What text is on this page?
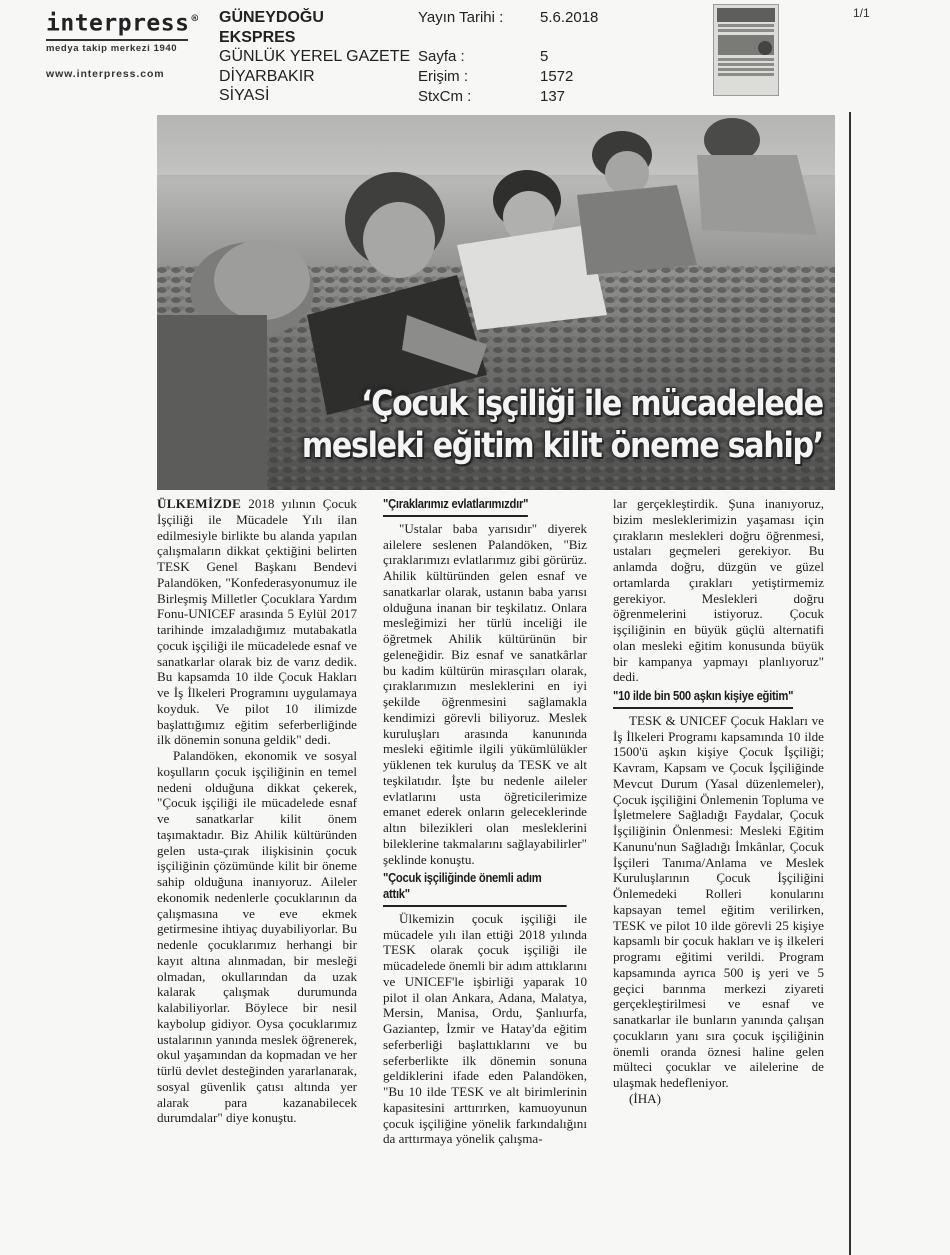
interpress ®
medya takip merkezi 1940
www.interpress.com
GÜNEYDOĞU
EKSPRES
GÜNLÜK YEREL GAZETE
DİYARBAKIR
SİYASİ
Yayın Tarihi :	5.6.2018
Sayfa :	5
Erişim :	1572
StxCm :	137
1/1
‘Çocuk işçiliği ile mücadelede
mesleki eğitim kilit öneme sahip’

ÜLKEMİZDE 2018 yılının Çocuk İşçiliği ile Mücadele Yılı ilan edilmesiyle birlikte bu alanda yapılan çalışmaların dikkat çektiğini belirten TESK Genel Başkanı Bendevi Palandöken, "Konfederasyonumuz ile Birleşmiş Milletler Çocuklara Yardım Fonu-UNICEF arasında 5 Eylül 2017 tarihinde imzaladığımız mutabakatla çocuk işçiliği ile mücadelede esnaf ve sanatkarlar olarak biz de varız dedik. Bu kapsamda 10 ilde Çocuk Hakları ve İş İlkeleri Programını uygulamaya koyduk. Ve pilot 10 ilimizde başlattığımız eğitim seferberliğinde ilk dönemin sonuna geldik" dedi.

Palandöken, ekonomik ve sosyal koşulların çocuk işçiliğinin en temel nedeni olduğuna dikkat çekerek, "Çocuk işçiliği ile mücadelede esnaf ve sanatkarlar kilit önem taşımaktadır. Biz Ahilik kültüründen gelen usta-çırak ilişkisinin çocuk işçiliğinin çözümünde kilit bir öneme sahip olduğuna inanıyoruz. Aileler ekonomik nedenlerle çocuklarının da çalışmasına ve eve ekmek getirmesine ihtiyaç duyabiliyorlar. Bu nedenle çocuklarımız herhangi bir kayıt altına alınmadan, bir mesleği olmadan, okullarından da uzak kalarak çalışmak durumunda kalabiliyorlar. Böylece bir nesil kaybolup gidiyor. Oysa çocuklarımız ustalarının yanında meslek öğrenerek, okul yaşamından da kopmadan ve her türlü devlet desteğinden yararlanarak, sosyal güvenlik çatısı altında yer alarak para kazanabilecek durumdalar" diye konuştu.

"Çıraklarımız evlatlarımızdır"

"Ustalar baba yarısıdır" diyerek ailelere seslenen Palandöken, "Biz çıraklarımızı evlatlarımız gibi görürüz. Ahilik kültüründen gelen esnaf ve sanatkarlar olarak, ustanın baba yarısı olduğuna inanan bir teşkilatız. Onlara mesleğimizi her türlü inceliği ile öğretmek Ahilik kültürünün bir geleneğidir. Biz esnaf ve sanatkârlar bu kadim kültürün mirasçıları olarak, çıraklarımızın mesleklerini en iyi şekilde öğrenmesini sağlamakla kendimizi görevli biliyoruz. Meslek kuruluşları arasında kanunında mesleki eğitimle ilgili yükümlülükler yüklenen tek kuruluş da TESK ve alt teşkilatıdır. İşte bu nedenle aileler evlatlarını usta öğreticilerimize emanet ederek onların geleceklerinde altın bilezikleri olan mesleklerini bileklerine takmalarını sağlayabilirler" şeklinde konuştu.

"Çocuk işçiliğinde önemli adım attık"

Ülkemizin çocuk işçiliği ile mücadele yılı ilan ettiği 2018 yılında TESK olarak çocuk işçiliği ile mücadelede önemli bir adım attıklarını ve UNICEF'le işbirliği yaparak 10 pilot il olan Ankara, Adana, Malatya, Mersin, Manisa, Ordu, Şanlıurfa, Gaziantep, İzmir ve Hatay'da eğitim seferberliği başlattıklarını ve bu seferberlikte ilk dönemin sonuna geldiklerini ifade eden Palandöken, "Bu 10 ilde TESK ve alt birimlerinin kapasitesini arttırırken, kamuoyunun çocuk işçiliğine yönelik farkındalığını da arttırmaya yönelik çalışma-

lar gerçekleştirdik. Şuna inanıyoruz, bizim mesleklerimizin yaşaması için çırakların meslekleri doğru öğrenmesi, ustaları geçmeleri gerekiyor. Bu anlamda doğru, düzgün ve güzel ortamlarda çırakları yetiştirmemiz gerekiyor. Meslekleri doğru öğrenmelerini istiyoruz. Çocuk işçiliğinin en büyük güçlü alternatifi olan mesleki eğitim konusunda büyük bir kampanya yapmayı planlıyoruz" dedi.

"10 ilde bin 500 aşkın kişiye eğitim"

TESK & UNICEF Çocuk Hakları ve İş İlkeleri Programı kapsamında 10 ilde 1500'ü aşkın kişiye Çocuk İşçiliği; Kavram, Kapsam ve Çocuk İşçiliğinde Mevcut Durum (Yasal düzenlemeler), Çocuk işçiliğini Önlemenin Topluma ve İşletmelere Sağladığı Faydalar, Çocuk İşçiliğinin Önlenmesi: Mesleki Eğitim Kanunu'nun Sağladığı İmkânlar, Çocuk İşçileri Tanıma/Anlama ve Meslek Kuruluşlarının Çocuk İşçiliğini Önlemedeki Rolleri konularını kapsayan temel eğitim verilirken, TESK ve pilot 10 ilde görevli 25 kişiye kapsamlı bir çocuk hakları ve iş ilkeleri programı eğitimi verildi. Program kapsamında ayrıca 500 iş yeri ve 5 geçici barınma merkezi ziyareti gerçekleştirilmesi ve esnaf ve sanatkarlar ile bunların yanında çalışan çocukların yanı sıra çocuk işçiliğinin önemli oranda öznesi haline gelen mülteci çocuklar ve ailelerine de ulaşmak hedefleniyor.

(İHA)
